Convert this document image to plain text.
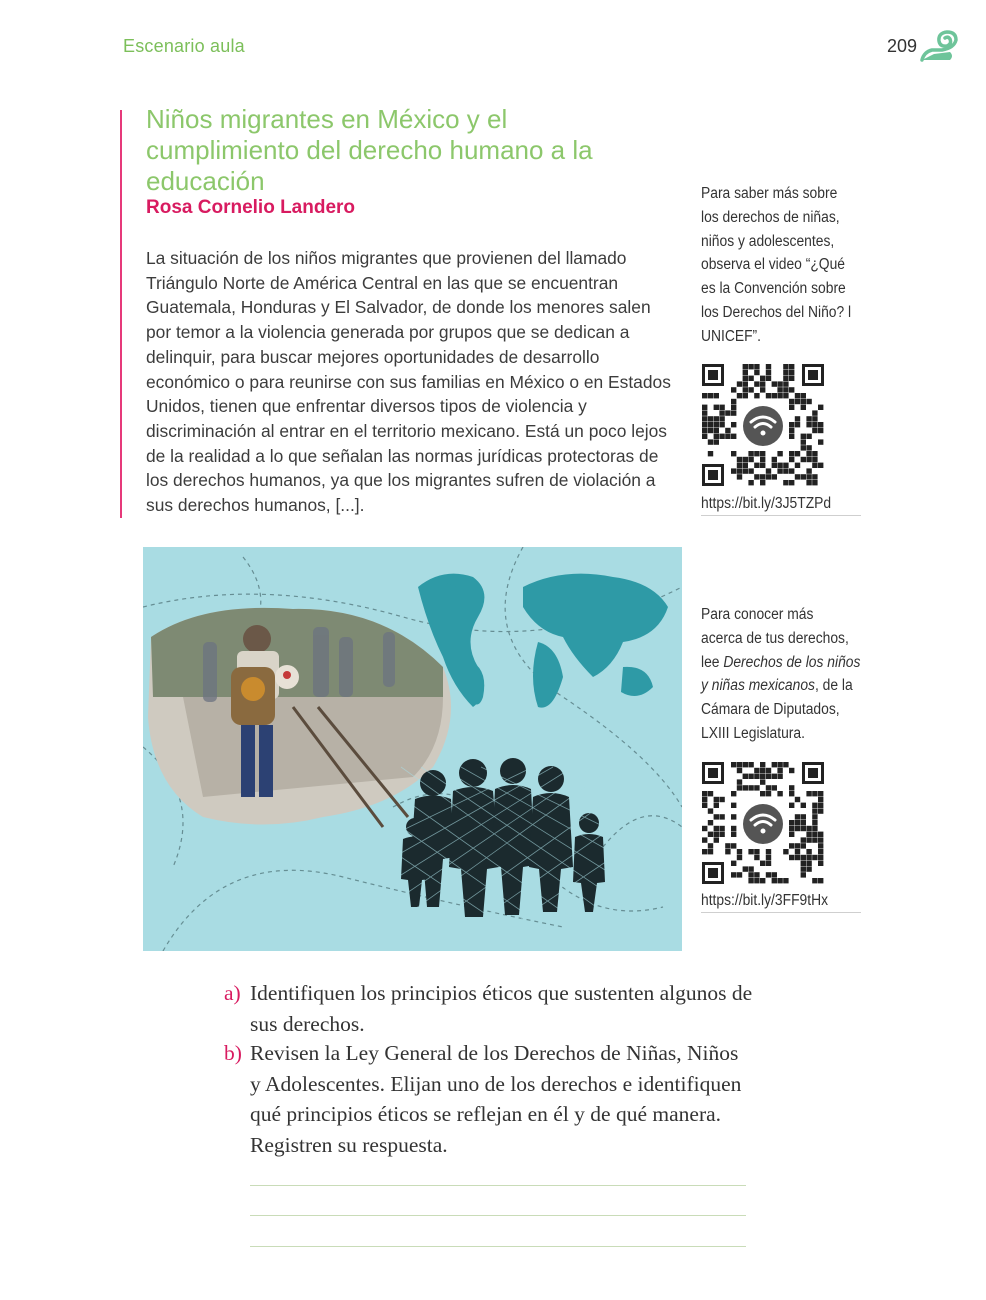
Escenario aula	209
Niños migrantes en México y el cumplimiento del derecho humano a la educación
Rosa Cornelio Landero
La situación de los niños migrantes que provienen del llamado Triángulo Norte de América Central en las que se encuentran Guatemala, Honduras y El Salvador, de donde los menores salen por temor a la violencia generada por grupos que se dedican a delinquir, para buscar mejores oportunidades de desarrollo económico o para reunirse con sus familias en México o en Estados Unidos, tienen que enfrentar diversos tipos de violencia y discriminación al entrar en el territorio mexicano. Está un poco lejos de la realidad a lo que señalan las normas jurídicas protectoras de los derechos humanos, ya que los migrantes sufren de violación a sus derechos humanos, [...].
Para saber más sobre
los derechos de niñas,
niños y adolescentes,
observa el video “¿Qué
es la Convención sobre
los Derechos del Niño? l
UNICEF”.
https://bit.ly/3J5TZPd
Para conocer más
acerca de tus derechos,
lee Derechos de los niños
y niñas mexicanos, de la
Cámara de Diputados,
LXIII Legislatura.
https://bit.ly/3FF9tHx
a) Identifiquen los principios éticos que sustenten algunos de sus derechos.
b) Revisen la Ley General de los Derechos de Niñas, Niños y Adolescentes. Elijan uno de los derechos e identifiquen qué principios éticos se reflejan en él y de qué manera. Registren su respuesta.
